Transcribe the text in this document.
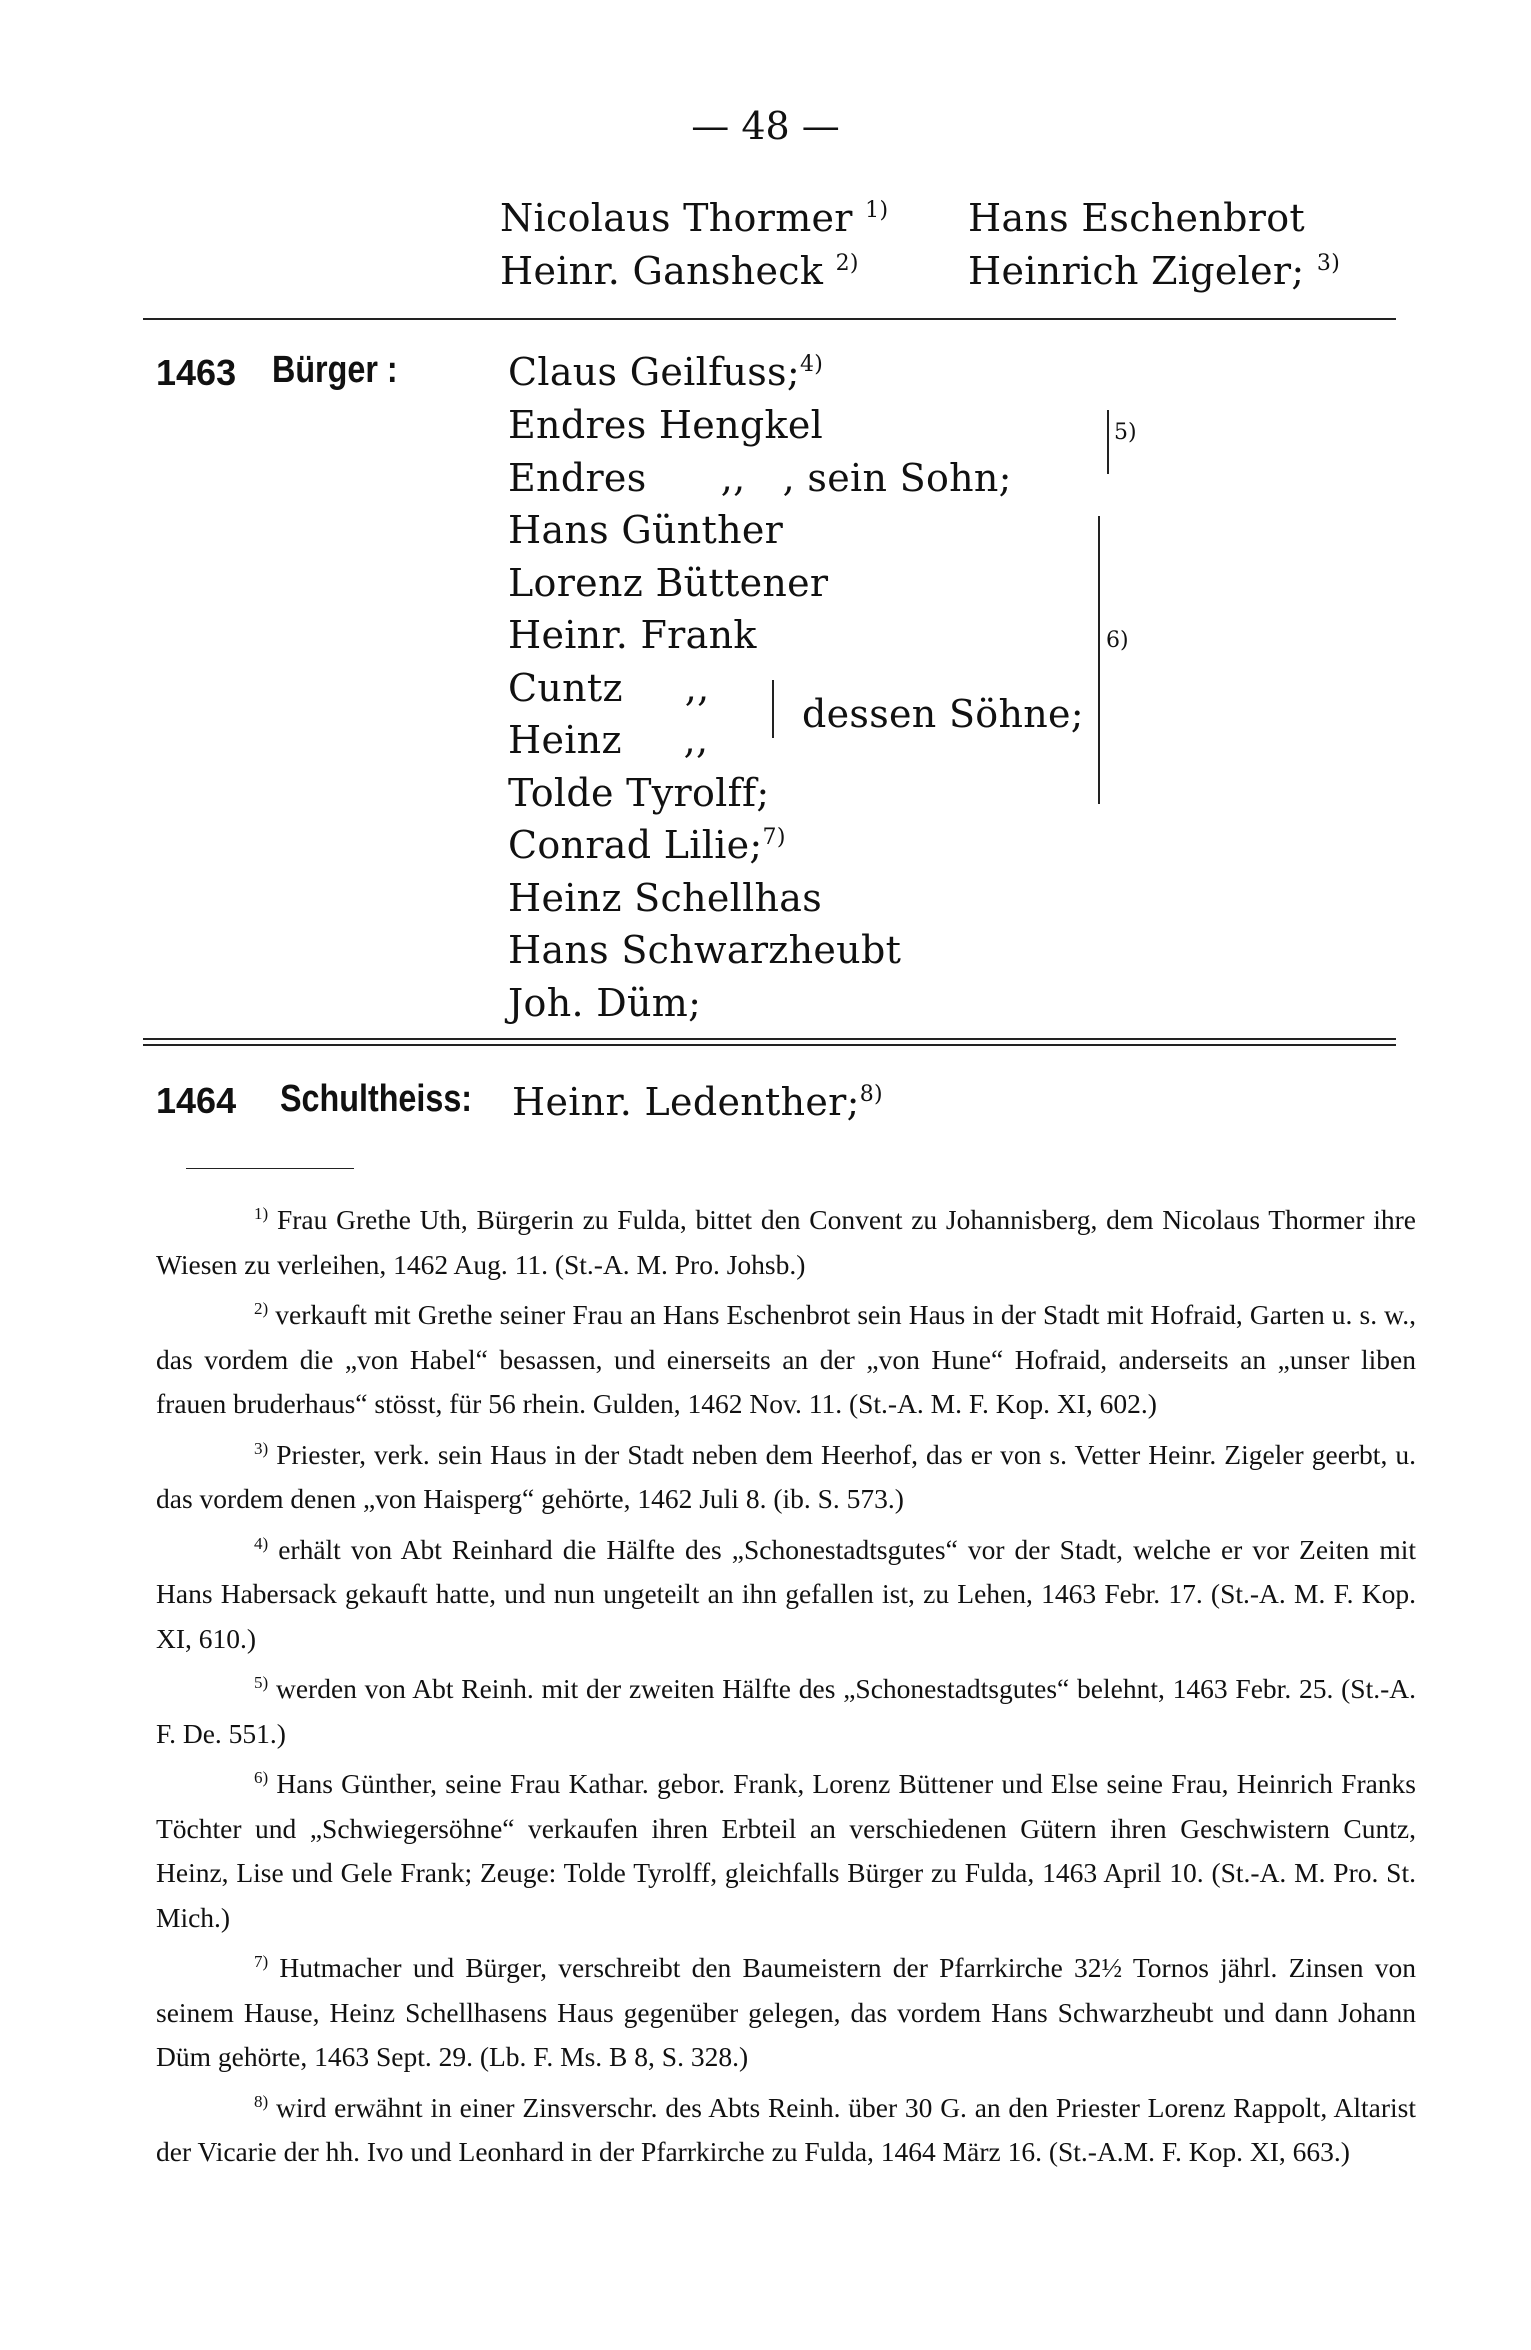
— 48 —
Nicolaus Thormer $^{1)}$
Heinr. Gansheck $^{2)}$
Hans Eschenbrot
Heinrich Zigeler; $^{3)}$
1463 Bürger :	Claus Geilfuss;$^{4)}$
Endres Hengkel
Endres      ,,   , sein Sohn;
Hans Günther
Lorenz Büttener
Heinr. Frank
Cuntz     ,,
Heinz     ,,
Tolde Tyrolff;
Conrad Lilie;$^{7)}$
Heinz Schellhas
Hans Schwarzheubt
Joh. Düm;
dessen Söhne;
5)
6)
1464 Schultheiss: Heinr. Ledenther;$^{8)}$

$^{1)}$ Frau Grethe Uth, Bürgerin zu Fulda, bittet den Convent zu Johannisberg, dem Nicolaus Thormer ihre Wiesen zu verleihen, 1462 Aug. 11. (St.-A. M. Pro. Johsb.)

$^{2)}$ verkauft mit Grethe seiner Frau an Hans Eschenbrot sein Haus in der Stadt mit Hofraid, Garten u. s. w., das vordem die „von Habel“ besassen, und einerseits an der „von Hune“ Hofraid, anderseits an „unser liben frauen bruderhaus“ stösst, für 56 rhein. Gulden, 1462 Nov. 11. (St.-A. M. F. Kop. XI, 602.)

$^{3)}$ Priester, verk. sein Haus in der Stadt neben dem Heerhof, das er von s. Vetter Heinr. Zigeler geerbt, u. das vordem denen „von Haisperg“ gehörte, 1462 Juli 8. (ib. S. 573.)

$^{4)}$ erhält von Abt Reinhard die Hälfte des „Schonestadtsgutes“ vor der Stadt, welche er vor Zeiten mit Hans Habersack gekauft hatte, und nun ungeteilt an ihn gefallen ist, zu Lehen, 1463 Febr. 17. (St.-A. M. F. Kop. XI, 610.)

$^{5)}$ werden von Abt Reinh. mit der zweiten Hälfte des „Schonestadtsgutes“ belehnt, 1463 Febr. 25. (St.-A. F. De. 551.)

$^{6)}$ Hans Günther, seine Frau Kathar. gebor. Frank, Lorenz Büttener und Else seine Frau, Heinrich Franks Töchter und „Schwiegersöhne“ verkaufen ihren Erbteil an verschiedenen Gütern ihren Geschwistern Cuntz, Heinz, Lise und Gele Frank; Zeuge: Tolde Tyrolff, gleichfalls Bürger zu Fulda, 1463 April 10. (St.-A. M. Pro. St. Mich.)

$^{7)}$ Hutmacher und Bürger, verschreibt den Baumeistern der Pfarrkirche 32½ Tornos jährl. Zinsen von seinem Hause, Heinz Schellhasens Haus gegenüber gelegen, das vordem Hans Schwarzheubt und dann Johann Düm gehörte, 1463 Sept. 29. (Lb. F. Ms. B 8, S. 328.)

$^{8)}$ wird erwähnt in einer Zinsverschr. des Abts Reinh. über 30 G. an den Priester Lorenz Rappolt, Altarist der Vicarie der hh. Ivo und Leonhard in der Pfarrkirche zu Fulda, 1464 März 16. (St.-A.M. F. Kop. XI, 663.)
